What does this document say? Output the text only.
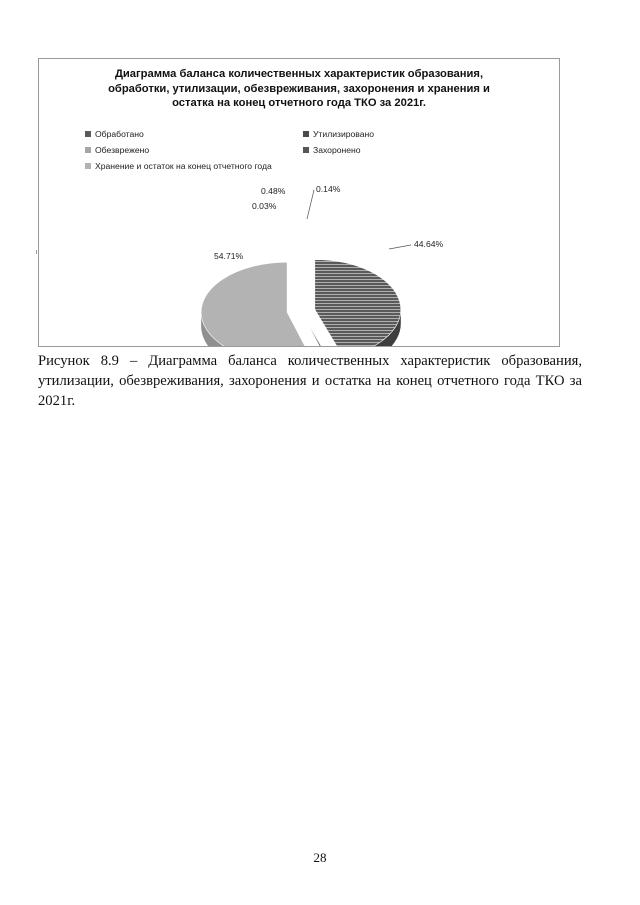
Диаграмма баланса количественных характеристик образования, обработки, утилизации, обезвреживания, захоронения и хранения и остатка на конец отчетного года ТКО за 2021г.
Обработано	Утилизировано
Обезврежено	Захоронено
Хранение и остаток на конец отчетного года
44.64%
0.14%
0.03%
0.48%
54.71%
Рисунок 8.9 – Диаграмма баланса количественных характеристик образования,
утилизации, обезвреживания, захоронения и остатка на конец отчетного года ТКО за
2021г.
28
